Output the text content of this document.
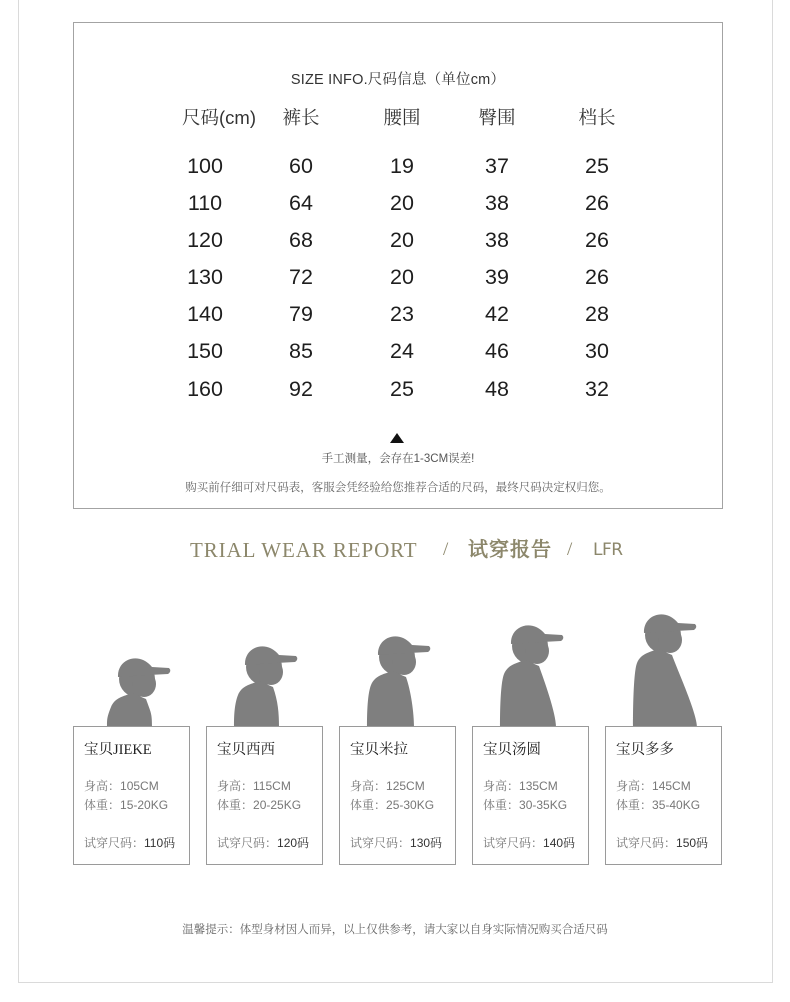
SIZE INFO.尺码信息（单位cm）
尺码(cm)	裤长	腰围	臀围	档长
100	60	19	37	25
110	64	20	38	26
120	68	20	38	26
130	72	20	39	26
140	79	23	42	28
150	85	24	46	30
160	92	25	48	32
手工测量，会存在1-3CM误差!
购买前仔细可对尺码表，客服会凭经验给您推荐合适的尺码，最终尺码决定权归您。
TRIAL WEAR REPORT / 试穿报告 / LFR
宝贝JIEKE
身高：105CM
体重：15-20KG
试穿尺码：110码
宝贝西西
身高：115CM
体重：20-25KG
试穿尺码：120码
宝贝米拉
身高：125CM
体重：25-30KG
试穿尺码：130码
宝贝汤圆
身高：135CM
体重：30-35KG
试穿尺码：140码
宝贝多多
身高：145CM
体重：35-40KG
试穿尺码：150码
温馨提示：体型身材因人而异，以上仅供参考，请大家以自身实际情况购买合适尺码
